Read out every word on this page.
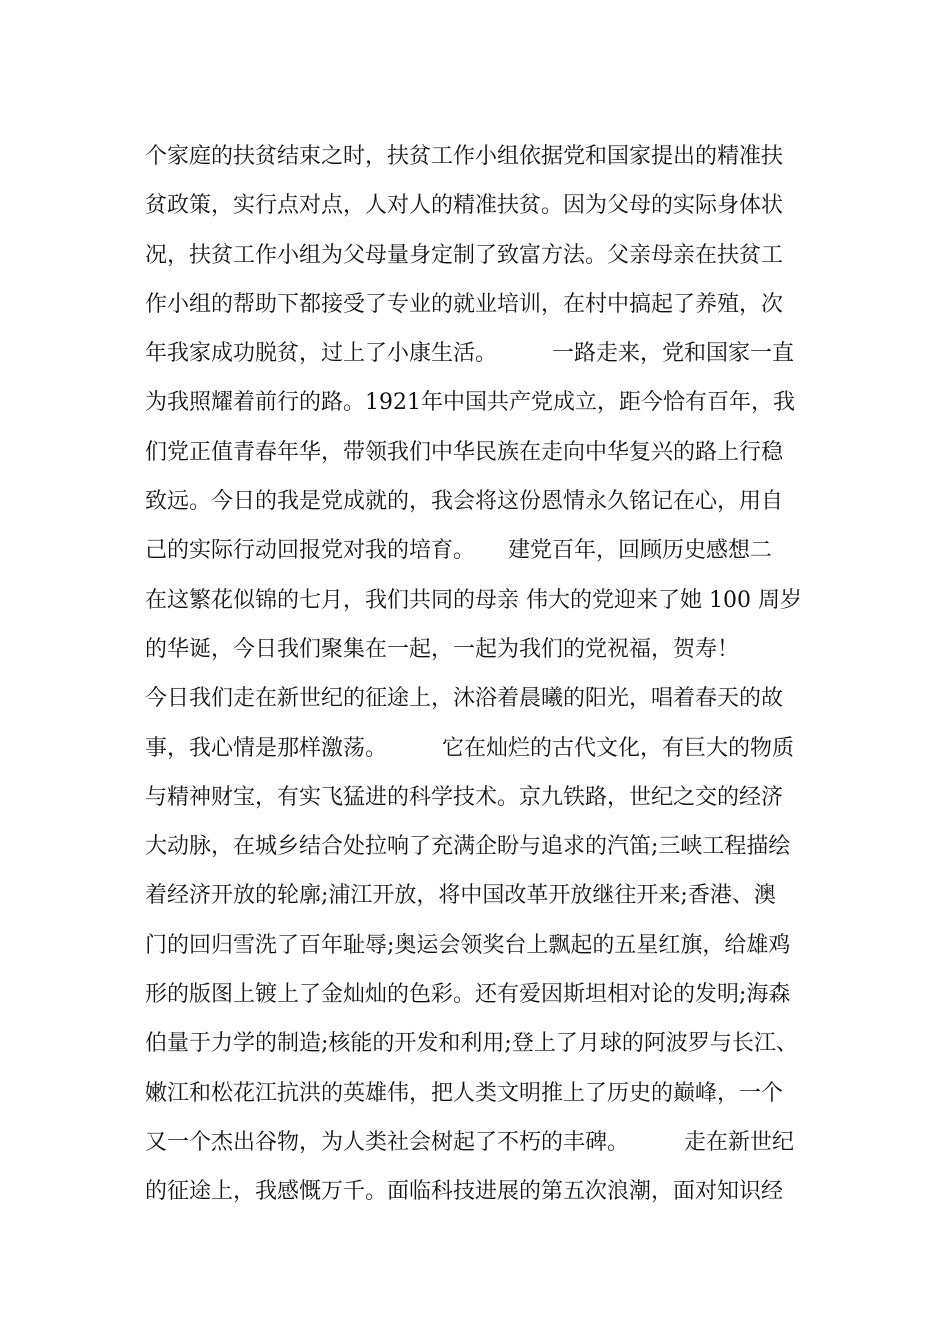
个家庭的扶贫结束之时，扶贫工作小组依据党和国家提出的精准扶
贫政策，实行点对点，人对人的精准扶贫。因为父母的实际身体状
况，扶贫工作小组为父母量身定制了致富方法。父亲母亲在扶贫工
作小组的帮助下都接受了专业的就业培训，在村中搞起了养殖，次
年我家成功脱贫，过上了小康生活。　　　一路走来，党和国家一直
为我照耀着前行的路。1921年中国共产党成立，距今恰有百年，我
们党正值青春年华，带领我们中华民族在走向中华复兴的路上行稳
致远。今日的我是党成就的，我会将这份恩情永久铭记在心，用自
己的实际行动回报党对我的培育。　　建党百年，回顾历史感想二
在这繁花似锦的七月，我们共同的母亲 伟大的党迎来了她 100 周岁
的华诞，今日我们聚集在一起，一起为我们的党祝福，贺寿！
今日我们走在新世纪的征途上，沐浴着晨曦的阳光，唱着春天的故
事，我心情是那样激荡。　　　它在灿烂的古代文化，有巨大的物质
与精神财宝，有实飞猛进的科学技术。京九铁路，世纪之交的经济
大动脉，在城乡结合处拉响了充满企盼与追求的汽笛;三峡工程描绘
着经济开放的轮廓;浦江开放，将中国改革开放继往开来;香港、澳
门的回归雪洗了百年耻辱;奥运会领奖台上飘起的五星红旗，给雄鸡
形的版图上镀上了金灿灿的色彩。还有爱因斯坦相对论的发明;海森
伯量于力学的制造;核能的开发和利用;登上了月球的阿波罗与长江、
嫩江和松花江抗洪的英雄伟，把人类文明推上了历史的巅峰，一个
又一个杰出谷物，为人类社会树起了不朽的丰碑。　　　走在新世纪
的征途上，我感慨万千。面临科技进展的第五次浪潮，面对知识经
